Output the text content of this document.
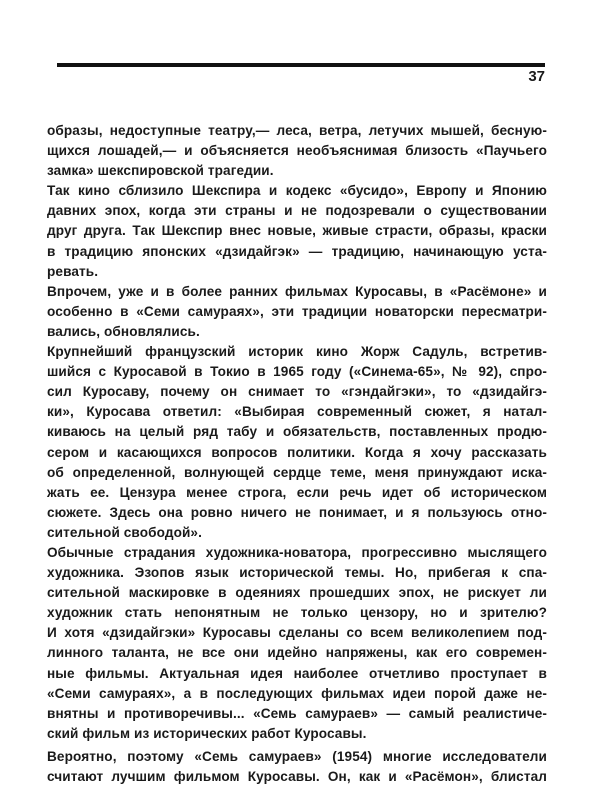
37
образы, недоступные театру,— леса, ветра, летучих мышей, бесную-
щихся лошадей,— и объясняется необъяснимая близость «Паучьего
замка» шекспировской трагедии.
Так кино сблизило Шекспира и кодекс «бусидо», Европу и Японию
давних эпох, когда эти страны и не подозревали о существовании
друг друга. Так Шекспир внес новые, живые страсти, образы, краски
в традицию японских «дзидайгэк» — традицию, начинающую уста-
ревать.
Впрочем, уже и в более ранних фильмах Куросавы, в «Расёмоне» и
особенно в «Семи самураях», эти традиции новаторски пересматри-
вались, обновлялись.
Крупнейший французский историк кино Жорж Садуль, встретив-
шийся с Куросавой в Токио в 1965 году («Синема-65», № 92), спро-
сил Куросаву, почему он снимает то «гэндайгэки», то «дзидайгэ-
ки», Куросава ответил: «Выбирая современный сюжет, я натал-
киваюсь на целый ряд табу и обязательств, поставленных продю-
сером и касающихся вопросов политики. Когда я хочу рассказать
об определенной, волнующей сердце теме, меня принуждают иска-
жать ее. Цензура менее строга, если речь идет об историческом
сюжете. Здесь она ровно ничего не понимает, и я пользуюсь отно-
сительной свободой».
Обычные страдания художника-новатора, прогрессивно мыслящего
художника. Эзопов язык исторической темы. Но, прибегая к спа-
сительной маскировке в одеяниях прошедших эпох, не рискует ли
художник стать непонятным не только цензору, но и зрителю?
И хотя «дзидайгэки» Куросавы сделаны со всем великолепием под-
линного таланта, не все они идейно напряжены, как его современ-
ные фильмы. Актуальная идея наиболее отчетливо проступает в
«Семи самураях», а в последующих фильмах идеи порой даже не-
внятны и противоречивы... «Семь самураев» — самый реалистиче-
ский фильм из исторических работ Куросавы.
Вероятно, поэтому «Семь самураев» (1954) многие исследователи
считают лучшим фильмом Куросавы. Он, как и «Расёмон», блистал
